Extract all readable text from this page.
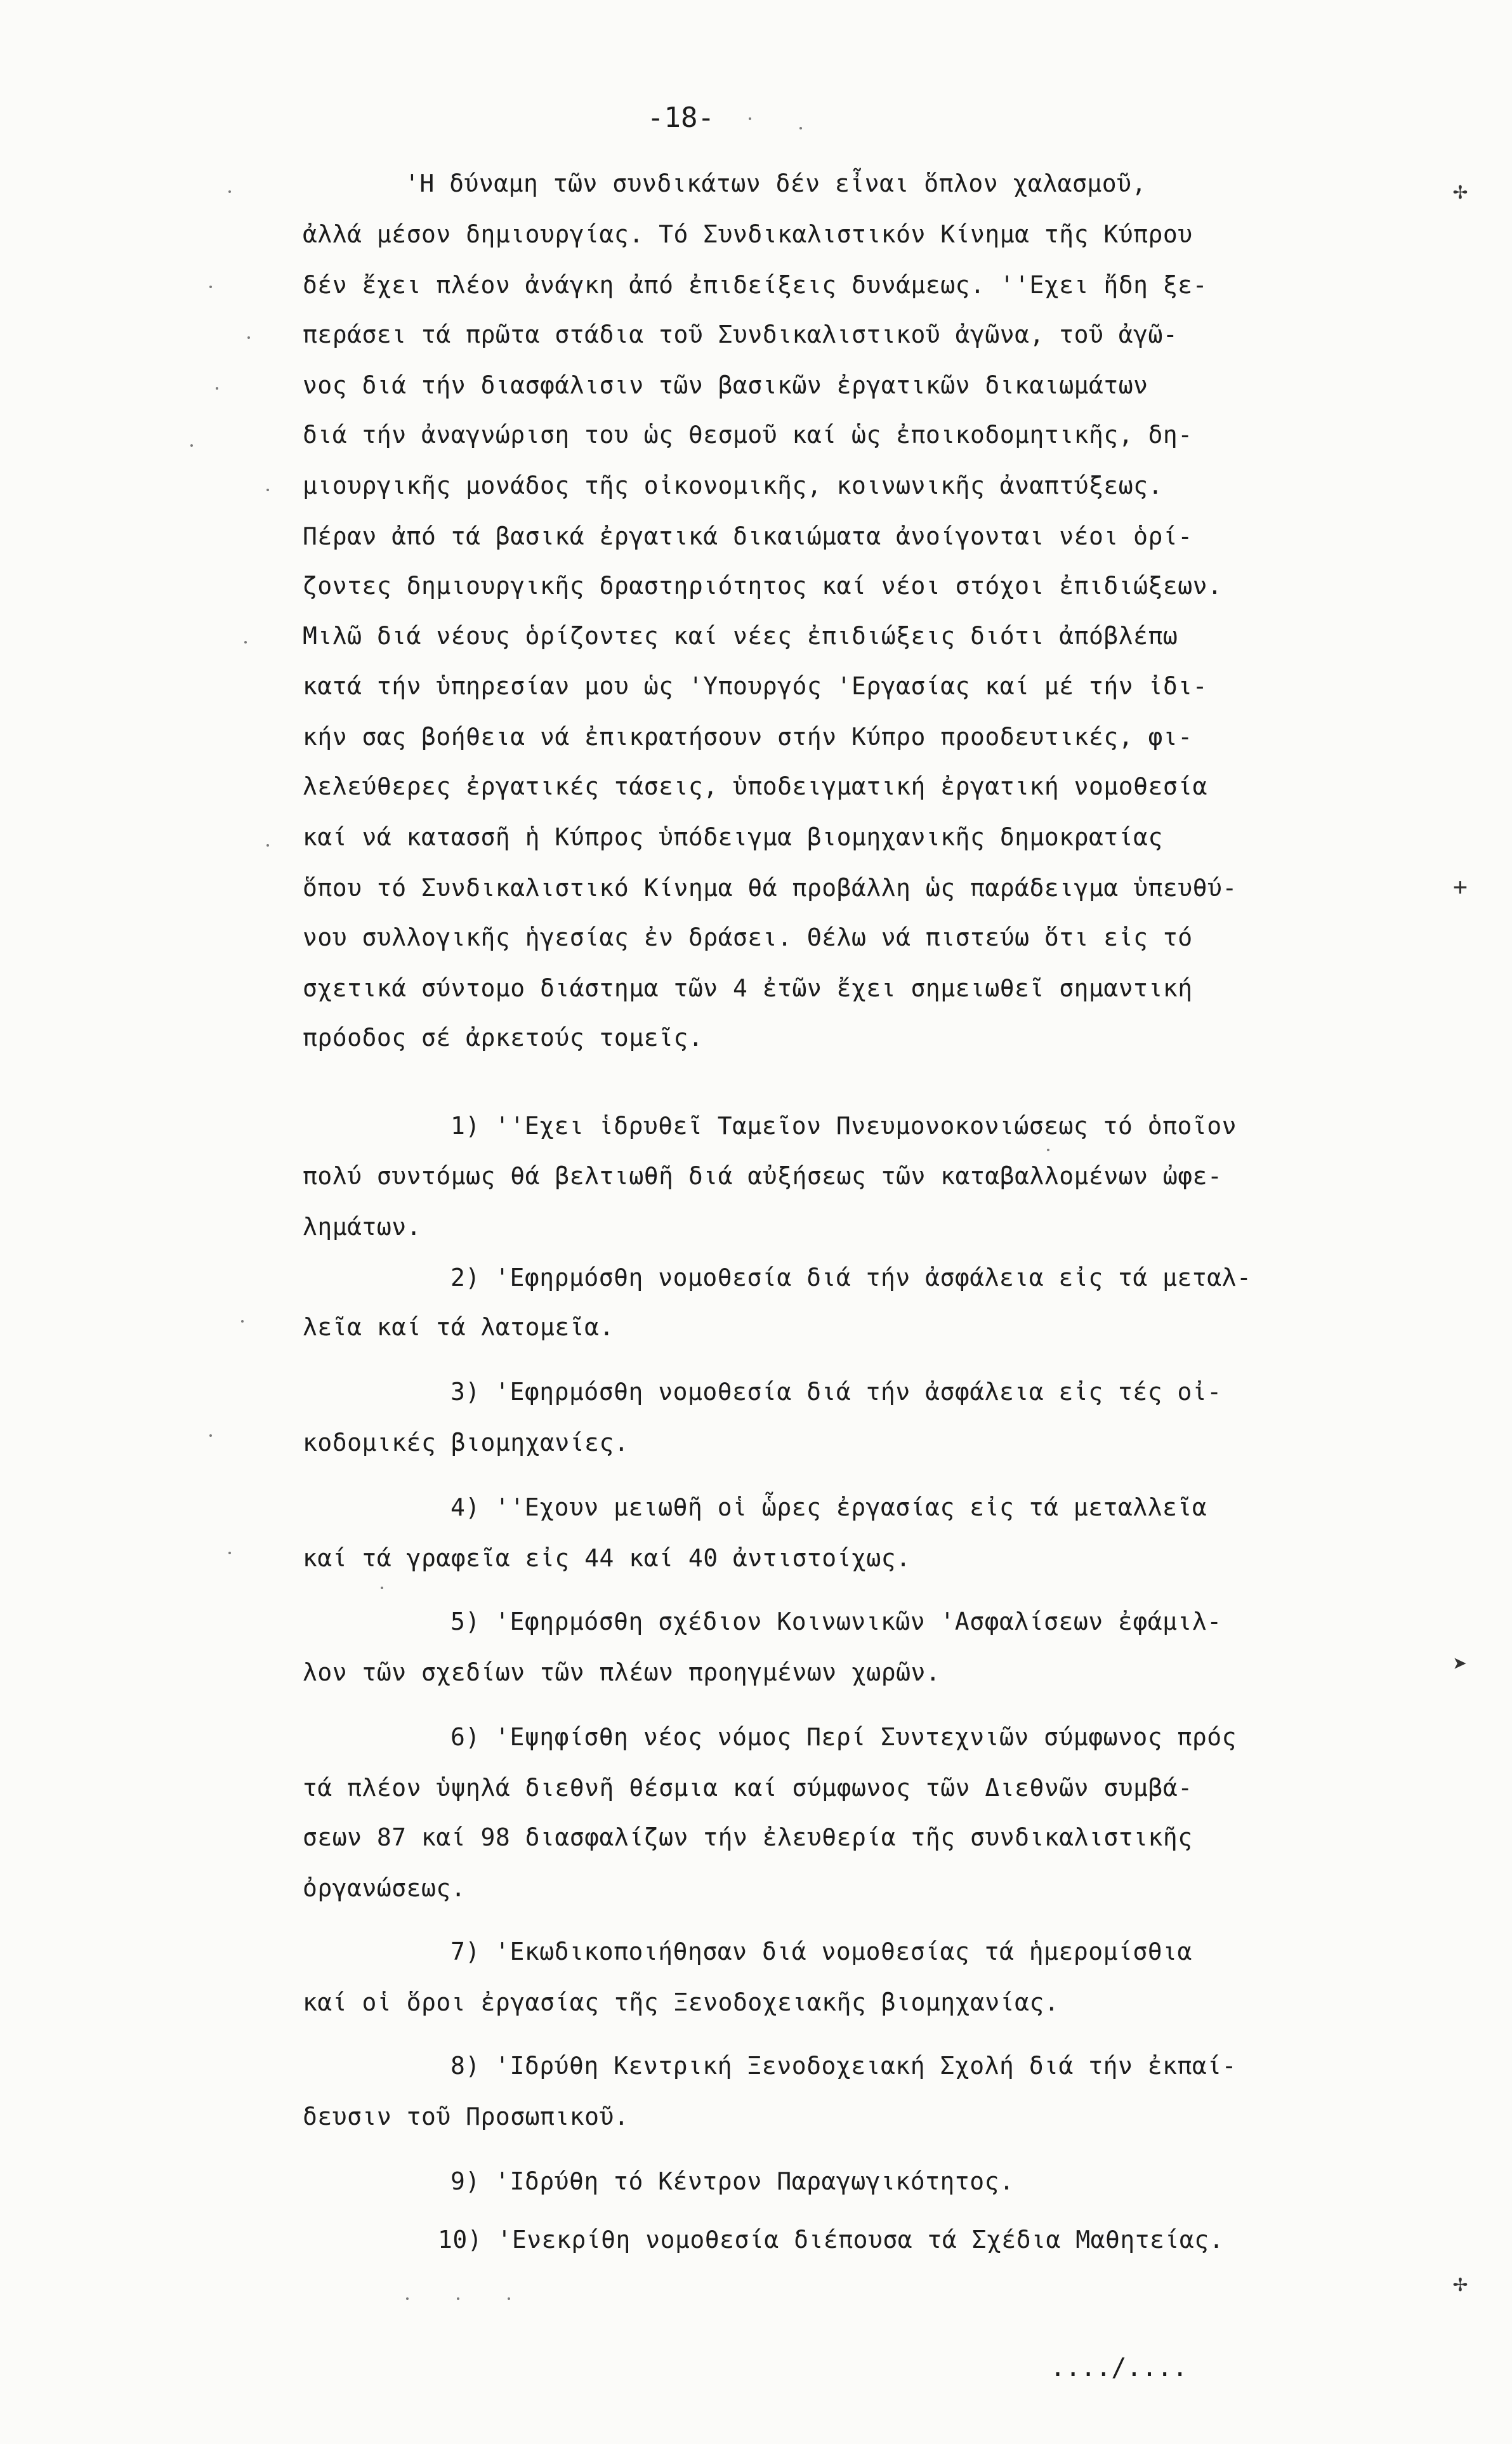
-18-
'Η δύναμη τῶν συνδικάτων δέν εἶναι ὅπλον χαλασμοῦ,
ἀλλά μέσον δημιουργίας. Τό Συνδικαλιστικόν Κίνημα τῆς Κύπρου
δέν ἔχει πλέον ἀνάγκη ἀπό ἐπιδείξεις δυνάμεως. ''Εχει ἤδη ξε-
περάσει τά πρῶτα στάδια τοῦ Συνδικαλιστικοῦ ἀγῶνα, τοῦ ἀγῶ-
νος διά τήν διασφάλισιν τῶν βασικῶν ἐργατικῶν δικαιωμάτων
διά τήν ἀναγνώριση του ὡς θεσμοῦ καί ὡς ἐποικοδομητικῆς, δη-
μιουργικῆς μονάδος τῆς οἰκονομικῆς, κοινωνικῆς ἀναπτύξεως.
Πέραν ἀπό τά βασικά ἐργατικά δικαιώματα ἀνοίγονται νέοι ὁρί-
ζοντες δημιουργικῆς δραστηριότητος καί νέοι στόχοι ἐπιδιώξεων.
Μιλῶ διά νέους ὁρίζοντες καί νέες ἐπιδιώξεις διότι ἀπόβλέπω
κατά τήν ὑπηρεσίαν μου ὡς 'Υπουργός 'Εργασίας καί μέ τήν ἰδι-
κήν σας βοήθεια νά ἐπικρατήσουν στήν Κύπρο προοδευτικές, φι-
λελεύθερες ἐργατικές τάσεις, ὑποδειγματική ἐργατική νομοθεσία
καί νά κατασσῆ ἡ Κύπρος ὑπόδειγμα βιομηχανικῆς δημοκρατίας
ὅπου τό Συνδικαλιστικό Κίνημα θά προβάλλη ὡς παράδειγμα ὑπευθύ-
νου συλλογικῆς ἡγεσίας ἐν δράσει. Θέλω νά πιστεύω ὅτι εἰς τό
σχετικά σύντομο διάστημα τῶν 4 ἐτῶν ἔχει σημειωθεῖ σημαντική
πρόοδος σέ ἀρκετούς τομεῖς.
1) ''Εχει ἱδρυθεῖ Ταμεῖον Πνευμονοκονιώσεως τό ὁποῖον
πολύ συντόμως θά βελτιωθῆ διά αὐξήσεως τῶν καταβαλλομένων ὠφε-
λημάτων.
2) 'Εφηρμόσθη νομοθεσία διά τήν ἀσφάλεια εἰς τά μεταλ-
λεῖα καί τά λατομεῖα.
3) 'Εφηρμόσθη νομοθεσία διά τήν ἀσφάλεια εἰς τές οἰ-
κοδομικές βιομηχανίες.
4) ''Εχουν μειωθῆ οἱ ὧρες ἐργασίας εἰς τά μεταλλεῖα
καί τά γραφεῖα εἰς 44 καί 40 ἀντιστοίχως.
5) 'Εφηρμόσθη σχέδιον Κοινωνικῶν 'Ασφαλίσεων ἐφάμιλ-
λον τῶν σχεδίων τῶν πλέων προηγμένων χωρῶν.
6) 'Εψηφίσθη νέος νόμος Περί Συντεχνιῶν σύμφωνος πρός
τά πλέον ὑψηλά διεθνῆ θέσμια καί σύμφωνος τῶν Διεθνῶν συμβά-
σεων 87 καί 98 διασφαλίζων τήν ἐλευθερία τῆς συνδικαλιστικῆς
ὀργανώσεως.
7) 'Εκωδικοποιήθησαν διά νομοθεσίας τά ἡμερομίσθια
καί οἱ ὅροι ἐργασίας τῆς Ξενοδοχειακῆς βιομηχανίας.
8) 'Ιδρύθη Κεντρική Ξενοδοχειακή Σχολή διά τήν ἐκπαί-
δευσιν τοῦ Προσωπικοῦ.
9) 'Ιδρύθη τό Κέντρον Παραγωγικότητος.
10) 'Ενεκρίθη νομοθεσία διέπουσα τά Σχέδια Μαθητείας.
..../....
✢
+
➤
✢
